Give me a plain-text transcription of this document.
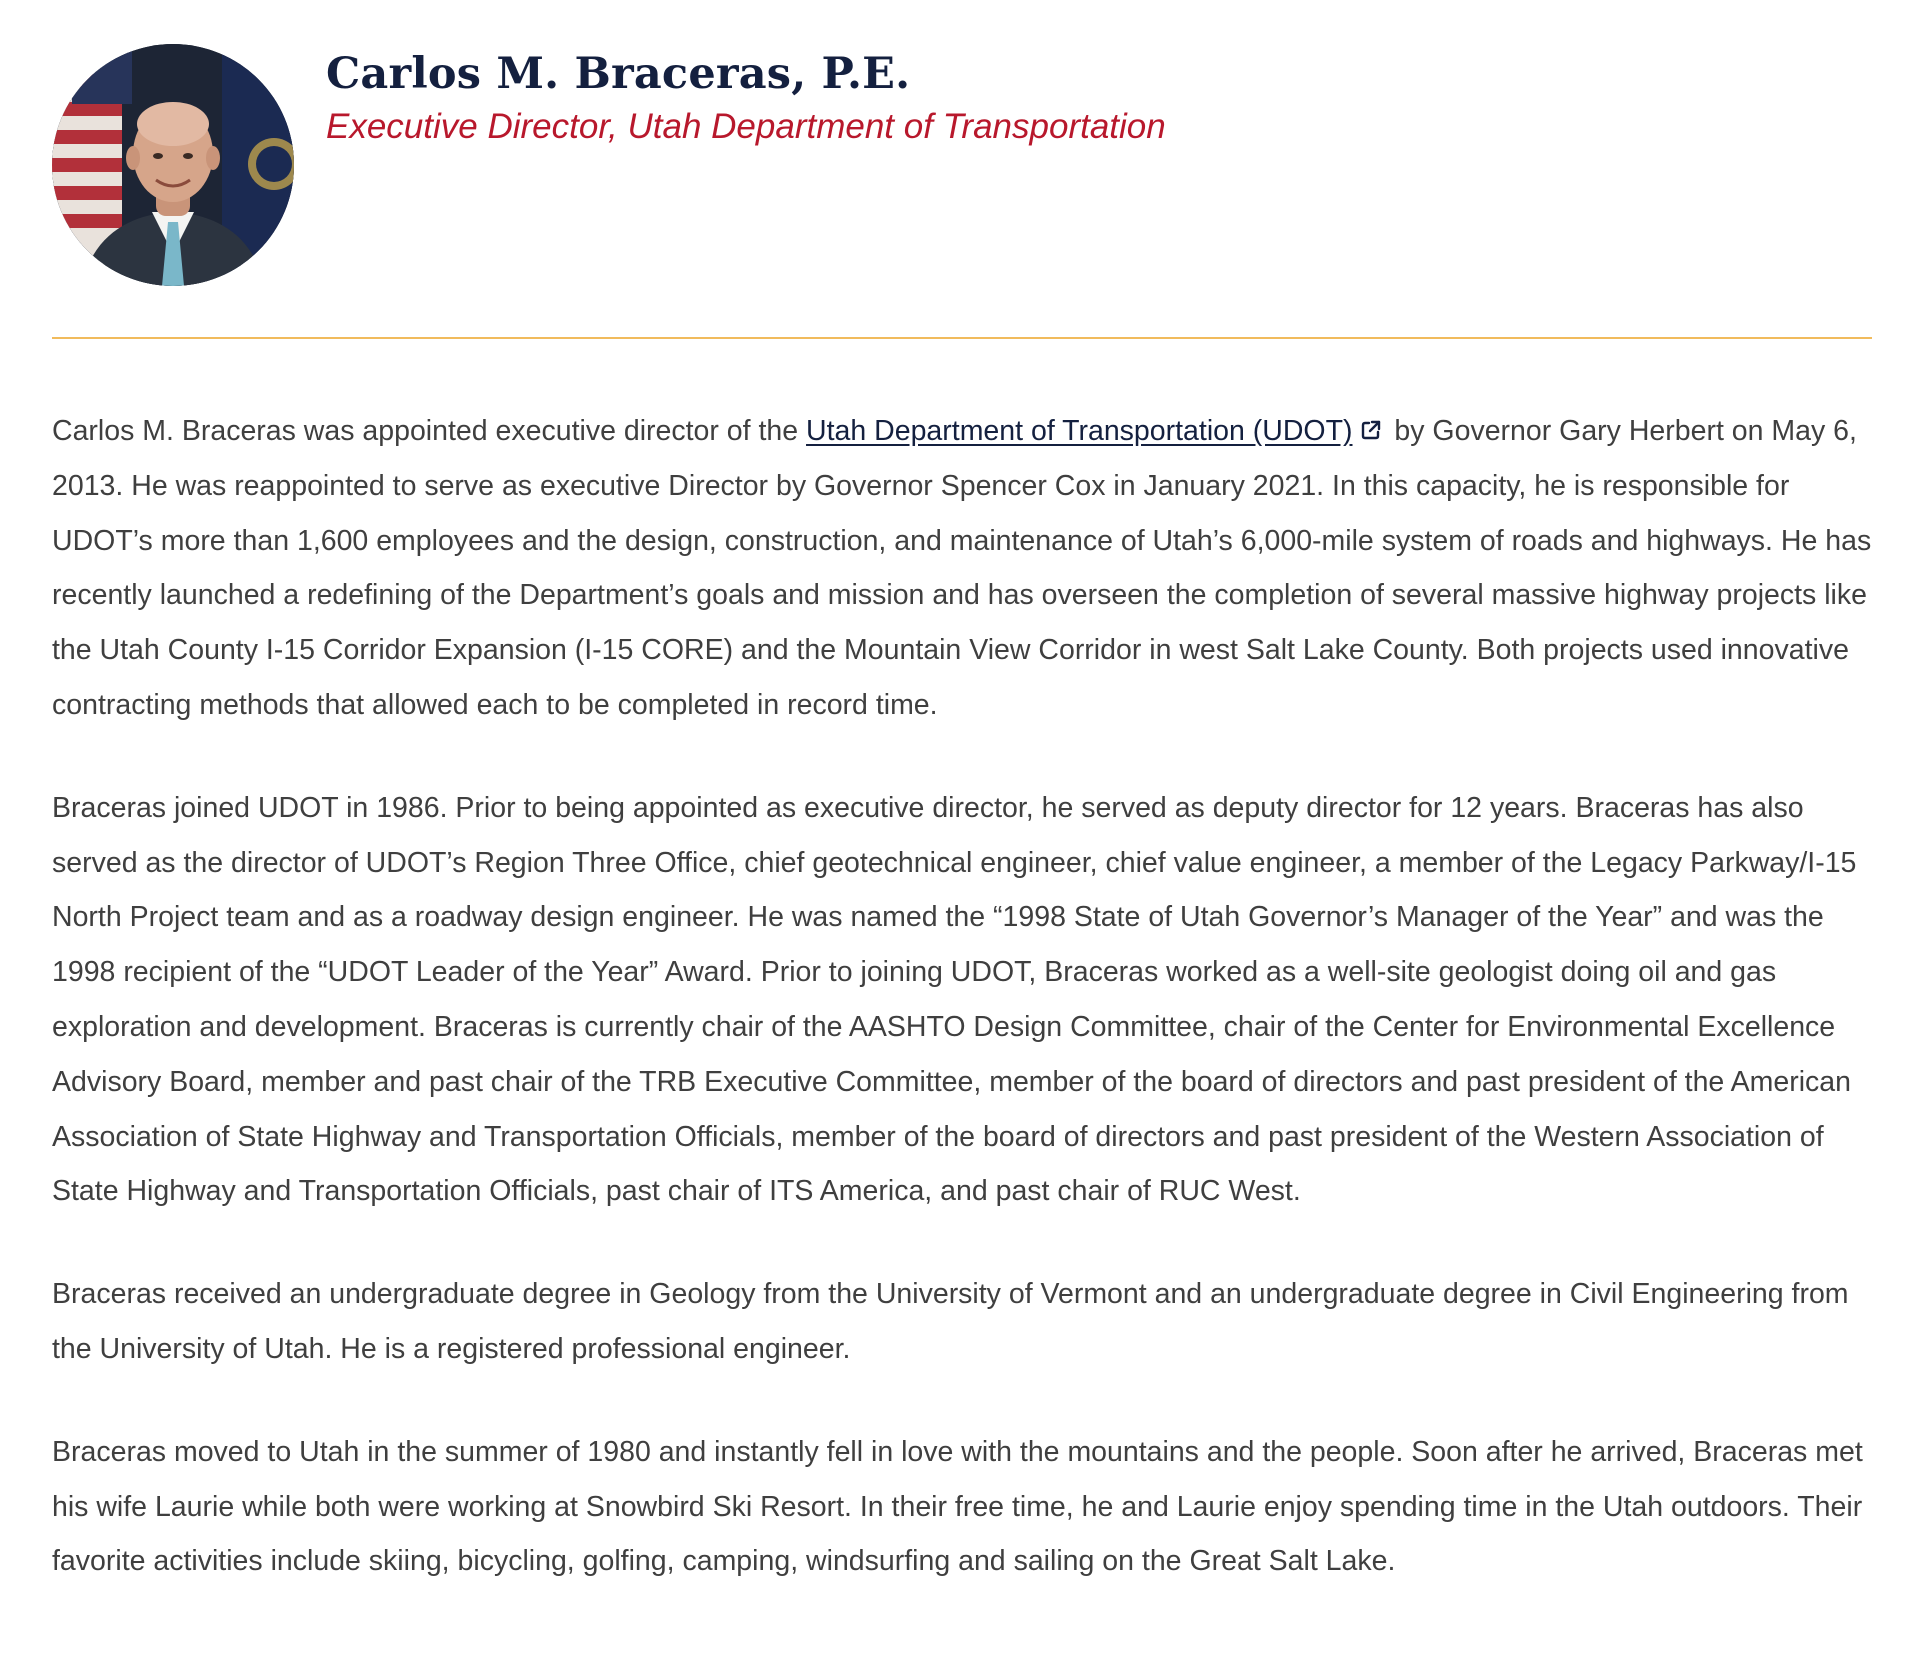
Carlos M. Braceras, P.E.
Executive Director, Utah Department of Transportation

Carlos M. Braceras was appointed executive director of the Utah Department of Transportation (UDOT) by Governor Gary Herbert on May 6, 2013. He was reappointed to serve as executive Director by Governor Spencer Cox in January 2021. In this capacity, he is responsible for UDOT’s more than 1,600 employees and the design, construction, and maintenance of Utah’s 6,000-mile system of roads and highways. He has recently launched a redefining of the Department’s goals and mission and has overseen the completion of several massive highway projects like the Utah County I-15 Corridor Expansion (I-15 CORE) and the Mountain View Corridor in west Salt Lake County. Both projects used innovative contracting methods that allowed each to be completed in record time.

Braceras joined UDOT in 1986. Prior to being appointed as executive director, he served as deputy director for 12 years. Braceras has also served as the director of UDOT’s Region Three Office, chief geotechnical engineer, chief value engineer, a member of the Legacy Parkway/I-15 North Project team and as a roadway design engineer. He was named the “1998 State of Utah Governor’s Manager of the Year” and was the 1998 recipient of the “UDOT Leader of the Year” Award. Prior to joining UDOT, Braceras worked as a well-site geologist doing oil and gas exploration and development. Braceras is currently chair of the AASHTO Design Committee, chair of the Center for Environmental Excellence Advisory Board, member and past chair of the TRB Executive Committee, member of the board of directors and past president of the American Association of State Highway and Transportation Officials, member of the board of directors and past president of the Western Association of State Highway and Transportation Officials, past chair of ITS America, and past chair of RUC West.

Braceras received an undergraduate degree in Geology from the University of Vermont and an undergraduate degree in Civil Engineering from the University of Utah. He is a registered professional engineer.

Braceras moved to Utah in the summer of 1980 and instantly fell in love with the mountains and the people. Soon after he arrived, Braceras met his wife Laurie while both were working at Snowbird Ski Resort. In their free time, he and Laurie enjoy spending time in the Utah outdoors. Their favorite activities include skiing, bicycling, golfing, camping, windsurfing and sailing on the Great Salt Lake.
